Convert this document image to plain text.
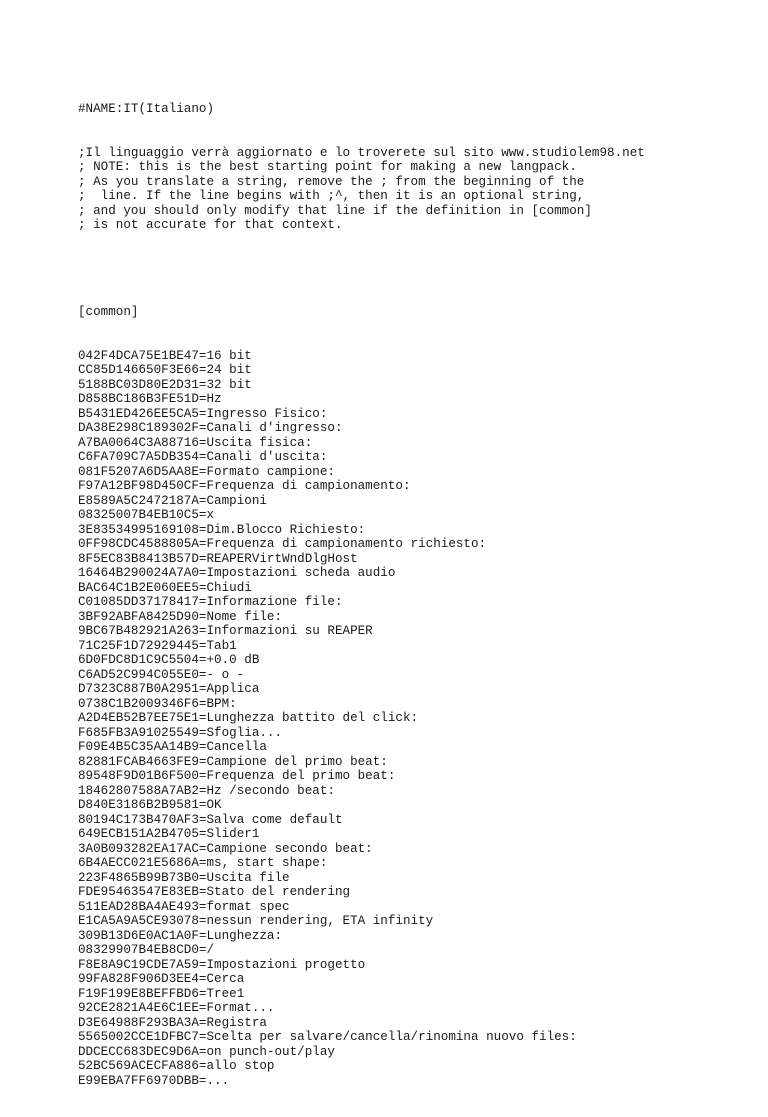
#NAME:IT(Italiano)

;Il linguaggio verrà aggiornato e lo troverete sul sito www.studiolem98.net
; NOTE: this is the best starting point for making a new langpack.
; As you translate a string, remove the ; from the beginning of the
;  line. If the line begins with ;^, then it is an optional string,
; and you should only modify that line if the definition in [common]
; is not accurate for that context.

[common]

042F4DCA75E1BE47=16 bit
CC85D146650F3E66=24 bit
5188BC03D80E2D31=32 bit
D858BC186B3FE51D=Hz
B5431ED426EE5CA5=Ingresso Fisico:
DA38E298C189302F=Canali d'ingresso:
A7BA0064C3A88716=Uscita fisica:
C6FA709C7A5DB354=Canali d'uscita:
081F5207A6D5AA8E=Formato campione:
F97A12BF98D450CF=Frequenza di campionamento:
E8589A5C2472187A=Campioni
08325007B4EB10C5=x
3E83534995169108=Dim.Blocco Richiesto:
0FF98CDC4588805A=Frequenza di campionamento richiesto:
8F5EC83B8413B57D=REAPERVirtWndDlgHost
16464B290024A7A0=Impostazioni scheda audio
BAC64C1B2E060EE5=Chiudi
C01085DD37178417=Informazione file:
3BF92ABFA8425D90=Nome file:
9BC67B482921A263=Informazioni su REAPER
71C25F1D72929445=Tab1
6D0FDC8D1C9C5504=+0.0 dB
C6AD52C994C055E0=- o -
D7323C887B0A2951=Applica
0738C1B2009346F6=BPM:
A2D4EB52B7EE75E1=Lunghezza battito del click:
F685FB3A91025549=Sfoglia...
F09E4B5C35AA14B9=Cancella
82881FCAB4663FE9=Campione del primo beat:
89548F9D01B6F500=Frequenza del primo beat:
18462807588A7AB2=Hz /secondo beat:
D840E3186B2B9581=OK
80194C173B470AF3=Salva come default
649ECB151A2B4705=Slider1
3A0B093282EA17AC=Campione secondo beat:
6B4AECC021E5686A=ms, start shape:
223F4865B99B73B0=Uscita file
FDE95463547E83EB=Stato del rendering
511EAD28BA4AE493=format spec
E1CA5A9A5CE93078=nessun rendering, ETA infinity
309B13D6E0AC1A0F=Lunghezza:
08329907B4EB8CD0=/
F8E8A9C19CDE7A59=Impostazioni progetto
99FA828F906D3EE4=Cerca
F19F199E8BEFFBD6=Tree1
92CE2821A4E6C1EE=Format...
D3E64988F293BA3A=Registra
5565002CCE1DFBC7=Scelta per salvare/cancella/rinomina nuovo files:
DDCECC683DEC9D6A=on punch-out/play
52BC569ACECFA886=allo stop
E99EBA7FF6970DBB=...
